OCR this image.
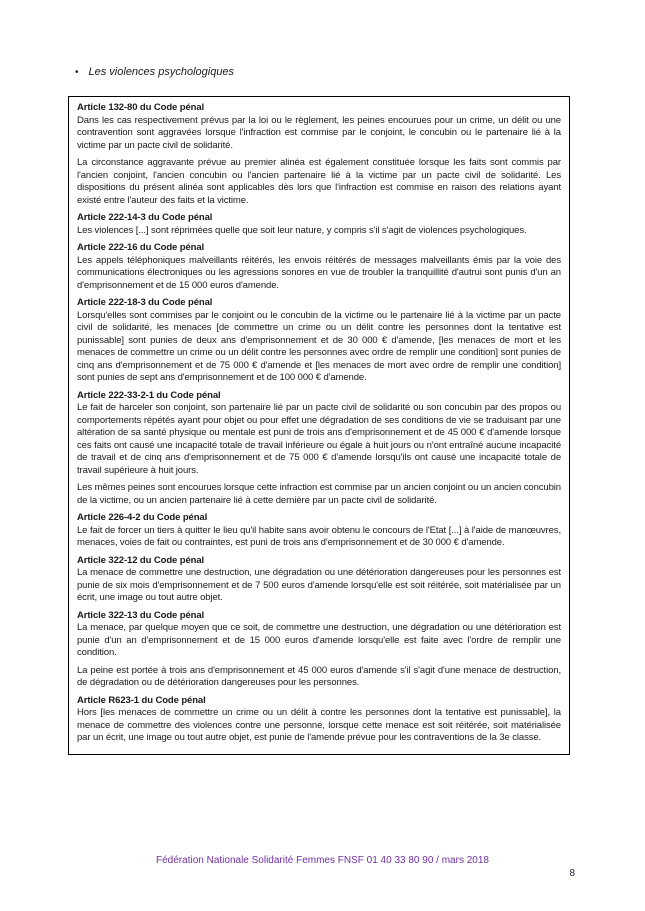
• Les violences psychologiques
Article 132-80 du Code pénal

Dans les cas respectivement prévus par la loi ou le règlement, les peines encourues pour un crime, un délit ou une contravention sont aggravées lorsque l'infraction est commise par le conjoint, le concubin ou le partenaire lié à la victime par un pacte civil de solidarité.

La circonstance aggravante prévue au premier alinéa est également constituée lorsque les faits sont commis par l'ancien conjoint, l'ancien concubin ou l'ancien partenaire lié à la victime par un pacte civil de solidarité. Les dispositions du présent alinéa sont applicables dès lors que l'infraction est commise en raison des relations ayant existé entre l'auteur des faits et la victime.

Article 222-14-3 du Code pénal

Les violences [...] sont réprimées quelle que soit leur nature, y compris s'il s'agit de violences psychologiques.

Article 222-16 du Code pénal

Les appels téléphoniques malveillants réitérés, les envois réitérés de messages malveillants émis par la voie des communications électroniques ou les agressions sonores en vue de troubler la tranquillité d'autrui sont punis d'un an d'emprisonnement et de 15 000 euros d'amende.

Article 222-18-3 du Code pénal

Lorsqu'elles sont commises par le conjoint ou le concubin de la victime ou le partenaire lié à la victime par un pacte civil de solidarité, les menaces [de commettre un crime ou un délit contre les personnes dont la tentative est punissable] sont punies de deux ans d'emprisonnement et de 30 000 € d'amende, [les menaces de mort et les menaces de commettre un crime ou un délit contre les personnes avec ordre de remplir une condition] sont punies de cinq ans d'emprisonnement et de 75 000 € d'amende et [les menaces de mort avec ordre de remplir une condition] sont punies de sept ans d'emprisonnement et de 100 000 € d'amende.

Article 222-33-2-1 du Code pénal

Le fait de harceler son conjoint, son partenaire lié par un pacte civil de solidarité ou son concubin par des propos ou comportements répétés ayant pour objet ou pour effet une dégradation de ses conditions de vie se traduisant par une altération de sa santé physique ou mentale est puni de trois ans d'emprisonnement et de 45 000 € d'amende lorsque ces faits ont causé une incapacité totale de travail inférieure ou égale à huit jours ou n'ont entraîné aucune incapacité de travail et de cinq ans d'emprisonnement et de 75 000 € d'amende lorsqu'ils ont causé une incapacité totale de travail supérieure à huit jours.

Les mêmes peines sont encourues lorsque cette infraction est commise par un ancien conjoint ou un ancien concubin de la victime, ou un ancien partenaire lié à cette dernière par un pacte civil de solidarité.

Article 226-4-2 du Code pénal

Le fait de forcer un tiers à quitter le lieu qu'il habite sans avoir obtenu le concours de l'Etat [...] à l'aide de manœuvres, menaces, voies de fait ou contraintes, est puni de trois ans d'emprisonnement et de 30 000 € d'amende.

Article 322-12 du Code pénal

La menace de commettre une destruction, une dégradation ou une détérioration dangereuses pour les personnes est punie de six mois d'emprisonnement et de 7 500 euros d'amende lorsqu'elle est soit réitérée, soit matérialisée par un écrit, une image ou tout autre objet.

Article 322-13 du Code pénal

La menace, par quelque moyen que ce soit, de commettre une destruction, une dégradation ou une détérioration est punie d'un an d'emprisonnement et de 15 000 euros d'amende lorsqu'elle est faite avec l'ordre de remplir une condition.

La peine est portée à trois ans d'emprisonnement et 45 000 euros d'amende s'il s'agit d'une menace de destruction, de dégradation ou de détérioration dangereuses pour les personnes.

Article R623-1 du Code pénal

Hors [les menaces de commettre un crime ou un délit à contre les personnes dont la tentative est punissable], la menace de commettre des violences contre une personne, lorsque cette menace est soit réitérée, soit matérialisée par un écrit, une image ou tout autre objet, est punie de l'amende prévue pour les contraventions de la 3e classe.

Fédération Nationale Solidarité Femmes FNSF 01 40 33 80 90 / mars 2018
8
